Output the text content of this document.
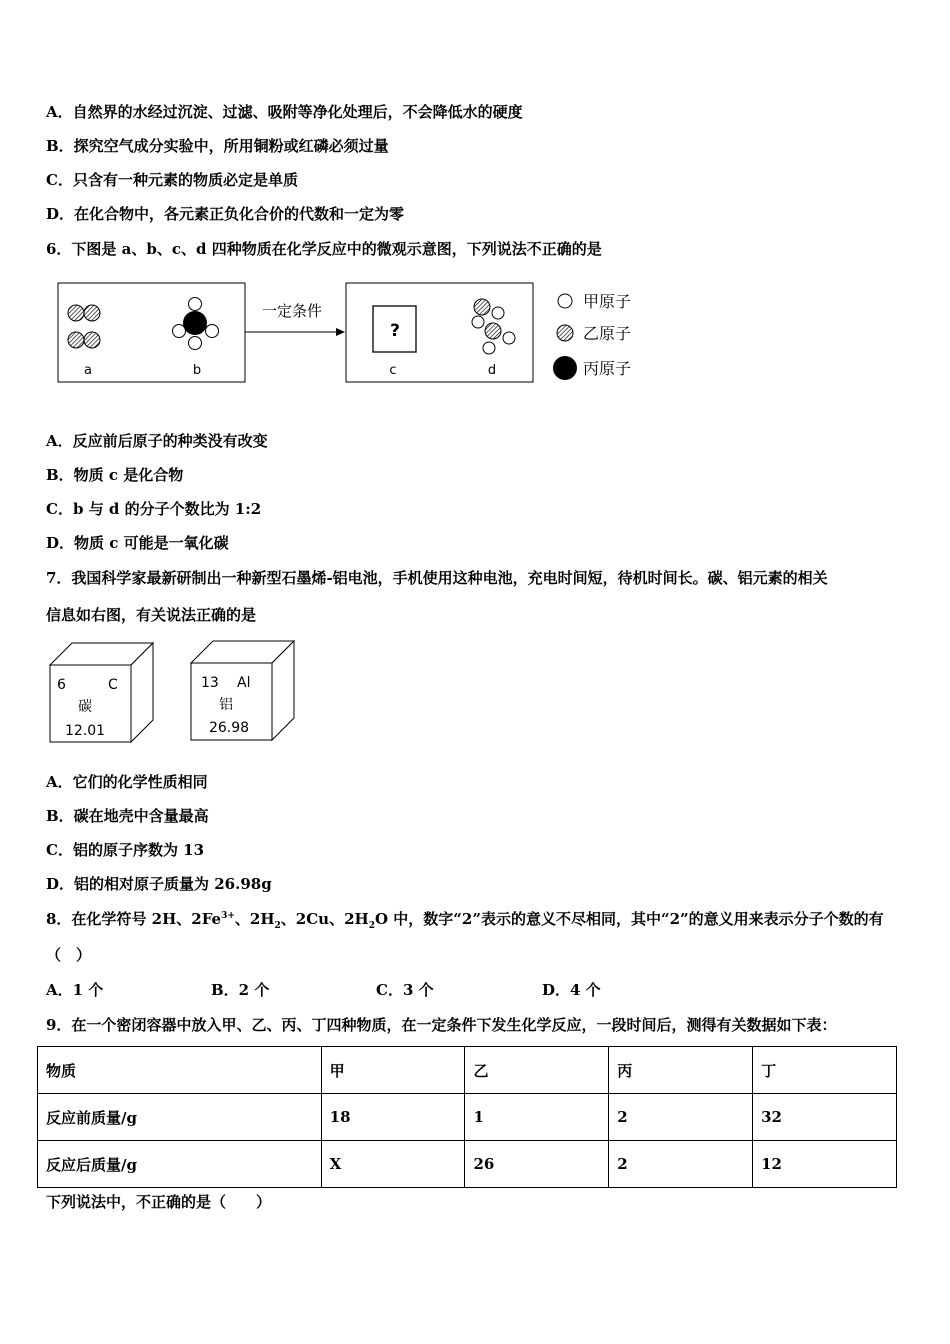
A．自然界的水经过沉淀、过滤、吸附等净化处理后，不会降低水的硬度
B．探究空气成分实验中，所用铜粉或红磷必须过量
C．只含有一种元素的物质必定是单质
D．在化合物中，各元素正负化合价的代数和一定为零
6．下图是 a、b、c、d 四种物质在化学反应中的微观示意图，下列说法不正确的是
a	b
一定条件
?
c	d
甲原子
乙原子
丙原子
A．反应前后原子的种类没有改变
B．物质 c 是化合物
C．b 与 d 的分子个数比为 1:2
D．物质 c 可能是一氧化碳
7．我国科学家最新研制出一种新型石墨烯-铝电池，手机使用这种电池，充电时间短，待机时间长。碳、铝元素的相关
信息如右图，有关说法正确的是
6	C
碳
12.01
13 Al
铝
26.98
A．它们的化学性质相同
B．碳在地壳中含量最高
C．铝的原子序数为 13
D．铝的相对原子质量为 26.98g
8．在化学符号 2H、$2Fe^{3+}$、$2H_2$、2Cu、$2H_2O$ 中，数字“2”表示的意义不尽相同，其中“2”的意义用来表示分子个数的有
（　）
A．1 个	B．2 个	C．3 个	D．4 个
9．在一个密闭容器中放入甲、乙、丙、丁四种物质，在一定条件下发生化学反应，一段时间后，测得有关数据如下表：
物质	甲	乙	丙	丁
反应前质量/g	18	1	2	32
反应后质量/g	X	26	2	12
下列说法中，不正确的是（　　）
